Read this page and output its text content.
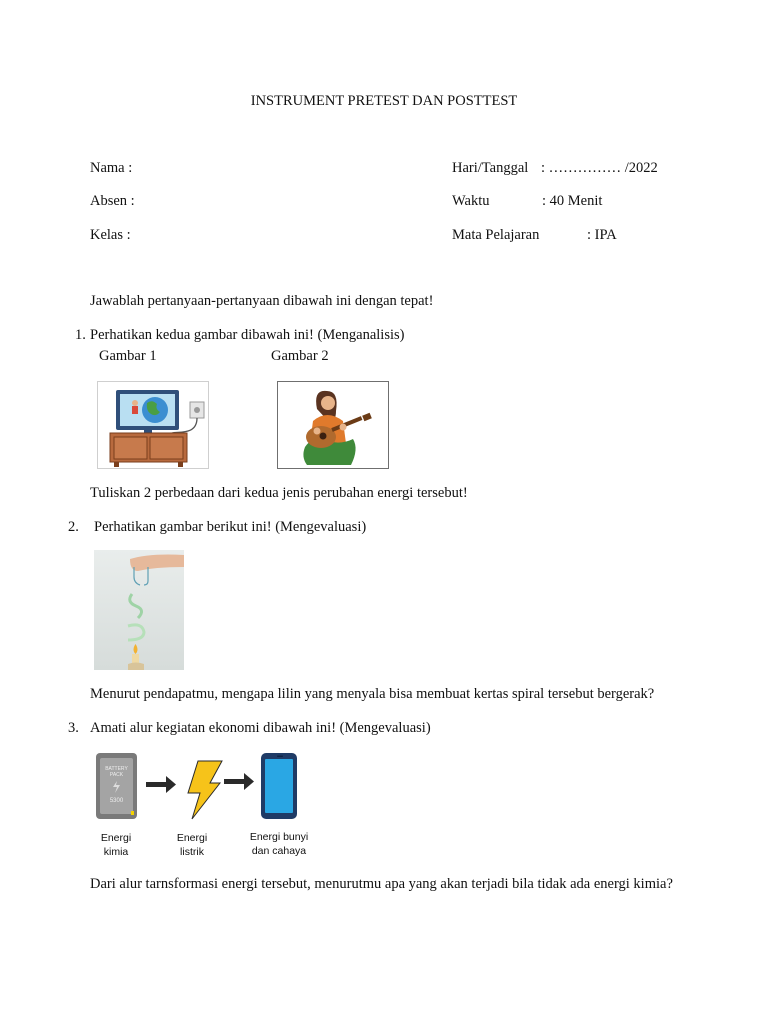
INSTRUMENT PRETEST DAN POSTTEST
Nama :
Absen :
Kelas :
Hari/Tanggal : …………… /2022
Waktu	: 40 Menit
Mata Pelajaran	: IPA
Jawablah pertanyaan-pertanyaan dibawah ini dengan tepat!
1. Perhatikan kedua gambar dibawah ini! (Menganalisis)
Gambar 1	Gambar 2
Tuliskan 2 perbedaan dari kedua jenis perubahan energi tersebut!
2. Perhatikan gambar berikut ini! (Mengevaluasi)
Menurut pendapatmu, mengapa lilin yang menyala bisa membuat kertas spiral tersebut bergerak?
3. Amati alur kegiatan ekonomi dibawah ini! (Mengevaluasi)
BATTERY
PACK
5300
Energi
kimia
Energi
listrik
Energi bunyi
dan cahaya
Dari alur tarnsformasi energi tersebut, menurutmu apa yang akan terjadi bila tidak ada energi kimia?
